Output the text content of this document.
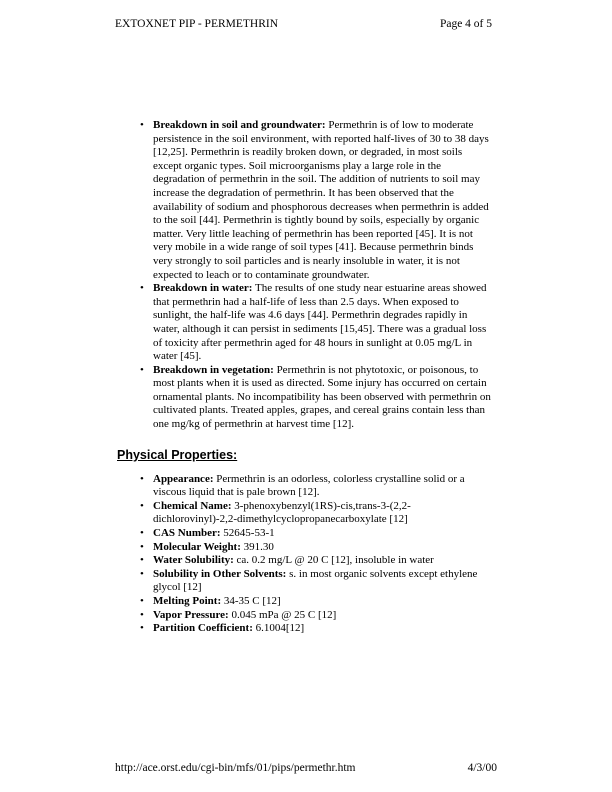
EXTOXNET PIP - PERMETHRIN	Page 4 of 5
• Breakdown in soil and groundwater: Permethrin is of low to moderate persistence in the soil environment, with reported half-lives of 30 to 38 days [12,25]. Permethrin is readily broken down, or degraded, in most soils except organic types. Soil microorganisms play a large role in the degradation of permethrin in the soil. The addition of nutrients to soil may increase the degradation of permethrin. It has been observed that the availability of sodium and phosphorous decreases when permethrin is added to the soil [44]. Permethrin is tightly bound by soils, especially by organic matter. Very little leaching of permethrin has been reported [45]. It is not very mobile in a wide range of soil types [41]. Because permethrin binds very strongly to soil particles and is nearly insoluble in water, it is not expected to leach or to contaminate groundwater.
• Breakdown in water: The results of one study near estuarine areas showed that permethrin had a half-life of less than 2.5 days. When exposed to sunlight, the half-life was 4.6 days [44]. Permethrin degrades rapidly in water, although it can persist in sediments [15,45]. There was a gradual loss of toxicity after permethrin aged for 48 hours in sunlight at 0.05 mg/L in water [45].
• Breakdown in vegetation: Permethrin is not phytotoxic, or poisonous, to most plants when it is used as directed. Some injury has occurred on certain ornamental plants. No incompatibility has been observed with permethrin on cultivated plants. Treated apples, grapes, and cereal grains contain less than one mg/kg of permethrin at harvest time [12].
Physical Properties:
• Appearance: Permethrin is an odorless, colorless crystalline solid or a viscous liquid that is pale brown [12].
• Chemical Name: 3-phenoxybenzyl(1RS)-cis,trans-3-(2,2-dichlorovinyl)-2,2-dimethylcyclopropanecarboxylate [12]
• CAS Number: 52645-53-1
• Molecular Weight: 391.30
• Water Solubility: ca. 0.2 mg/L @ 20 C [12], insoluble in water
• Solubility in Other Solvents: s. in most organic solvents except ethylene glycol [12]
• Melting Point: 34-35 C [12]
• Vapor Pressure: 0.045 mPa @ 25 C [12]
• Partition Coefficient: 6.1004[12]
http://ace.orst.edu/cgi-bin/mfs/01/pips/permethr.htm	4/3/00
